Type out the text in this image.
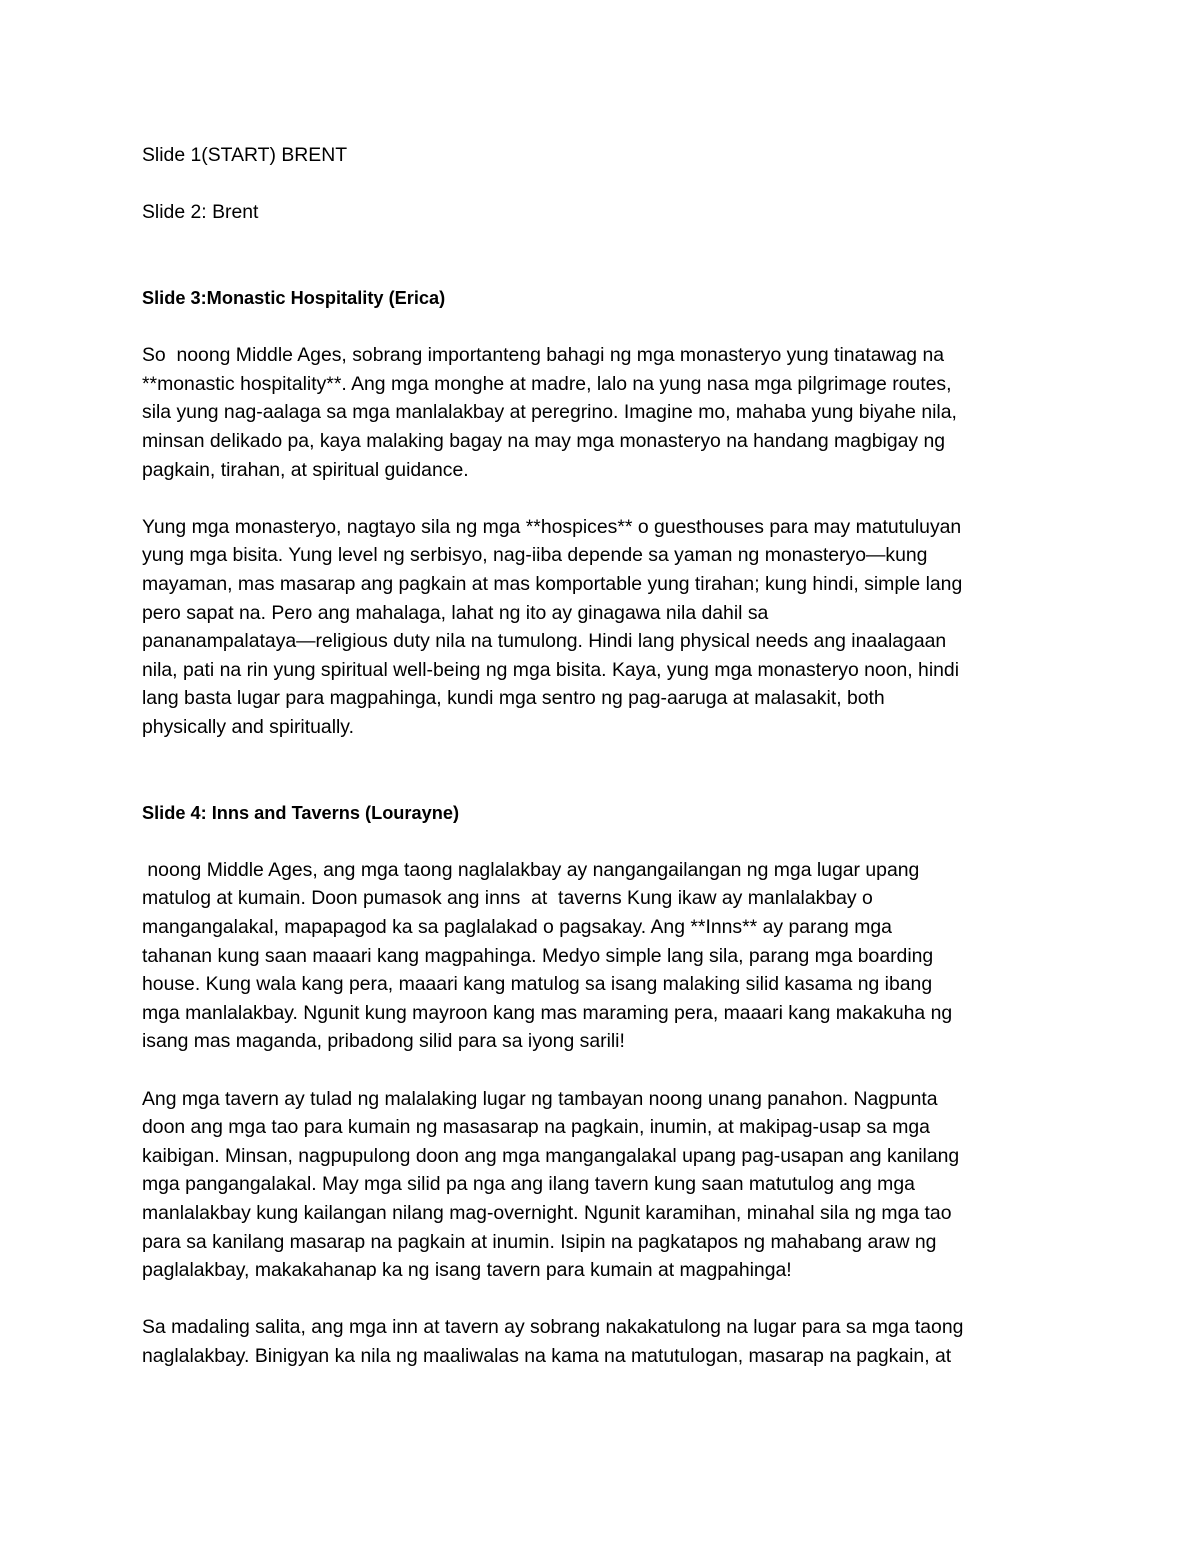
Slide 1(START) BRENT

Slide 2: Brent

Slide 3:Monastic Hospitality (Erica)

So  noong Middle Ages, sobrang importanteng bahagi ng mga monasteryo yung tinatawag na
**monastic hospitality**. Ang mga monghe at madre, lalo na yung nasa mga pilgrimage routes,
sila yung nag-aalaga sa mga manlalakbay at peregrino. Imagine mo, mahaba yung biyahe nila,
minsan delikado pa, kaya malaking bagay na may mga monasteryo na handang magbigay ng
pagkain, tirahan, at spiritual guidance.
Yung mga monasteryo, nagtayo sila ng mga **hospices** o guesthouses para may matutuluyan
yung mga bisita. Yung level ng serbisyo, nag-iiba depende sa yaman ng monasteryo—kung
mayaman, mas masarap ang pagkain at mas komportable yung tirahan; kung hindi, simple lang
pero sapat na. Pero ang mahalaga, lahat ng ito ay ginagawa nila dahil sa
pananampalataya—religious duty nila na tumulong. Hindi lang physical needs ang inaalagaan
nila, pati na rin yung spiritual well-being ng mga bisita. Kaya, yung mga monasteryo noon, hindi
lang basta lugar para magpahinga, kundi mga sentro ng pag-aaruga at malasakit, both
physically and spiritually.

Slide 4: Inns and Taverns (Lourayne)

noong Middle Ages, ang mga taong naglalakbay ay nangangailangan ng mga lugar upang
matulog at kumain. Doon pumasok ang inns  at  taverns Kung ikaw ay manlalakbay o
mangangalakal, mapapagod ka sa paglalakad o pagsakay. Ang **Inns** ay parang mga
tahanan kung saan maaari kang magpahinga. Medyo simple lang sila, parang mga boarding
house. Kung wala kang pera, maaari kang matulog sa isang malaking silid kasama ng ibang
mga manlalakbay. Ngunit kung mayroon kang mas maraming pera, maaari kang makakuha ng
isang mas maganda, pribadong silid para sa iyong sarili!
Ang mga tavern ay tulad ng malalaking lugar ng tambayan noong unang panahon. Nagpunta
doon ang mga tao para kumain ng masasarap na pagkain, inumin, at makipag-usap sa mga
kaibigan. Minsan, nagpupulong doon ang mga mangangalakal upang pag-usapan ang kanilang
mga pangangalakal. May mga silid pa nga ang ilang tavern kung saan matutulog ang mga
manlalakbay kung kailangan nilang mag-overnight. Ngunit karamihan, minahal sila ng mga tao
para sa kanilang masarap na pagkain at inumin. Isipin na pagkatapos ng mahabang araw ng
paglalakbay, makakahanap ka ng isang tavern para kumain at magpahinga!
Sa madaling salita, ang mga inn at tavern ay sobrang nakakatulong na lugar para sa mga taong
naglalakbay. Binigyan ka nila ng maaliwalas na kama na matutulogan, masarap na pagkain, at
